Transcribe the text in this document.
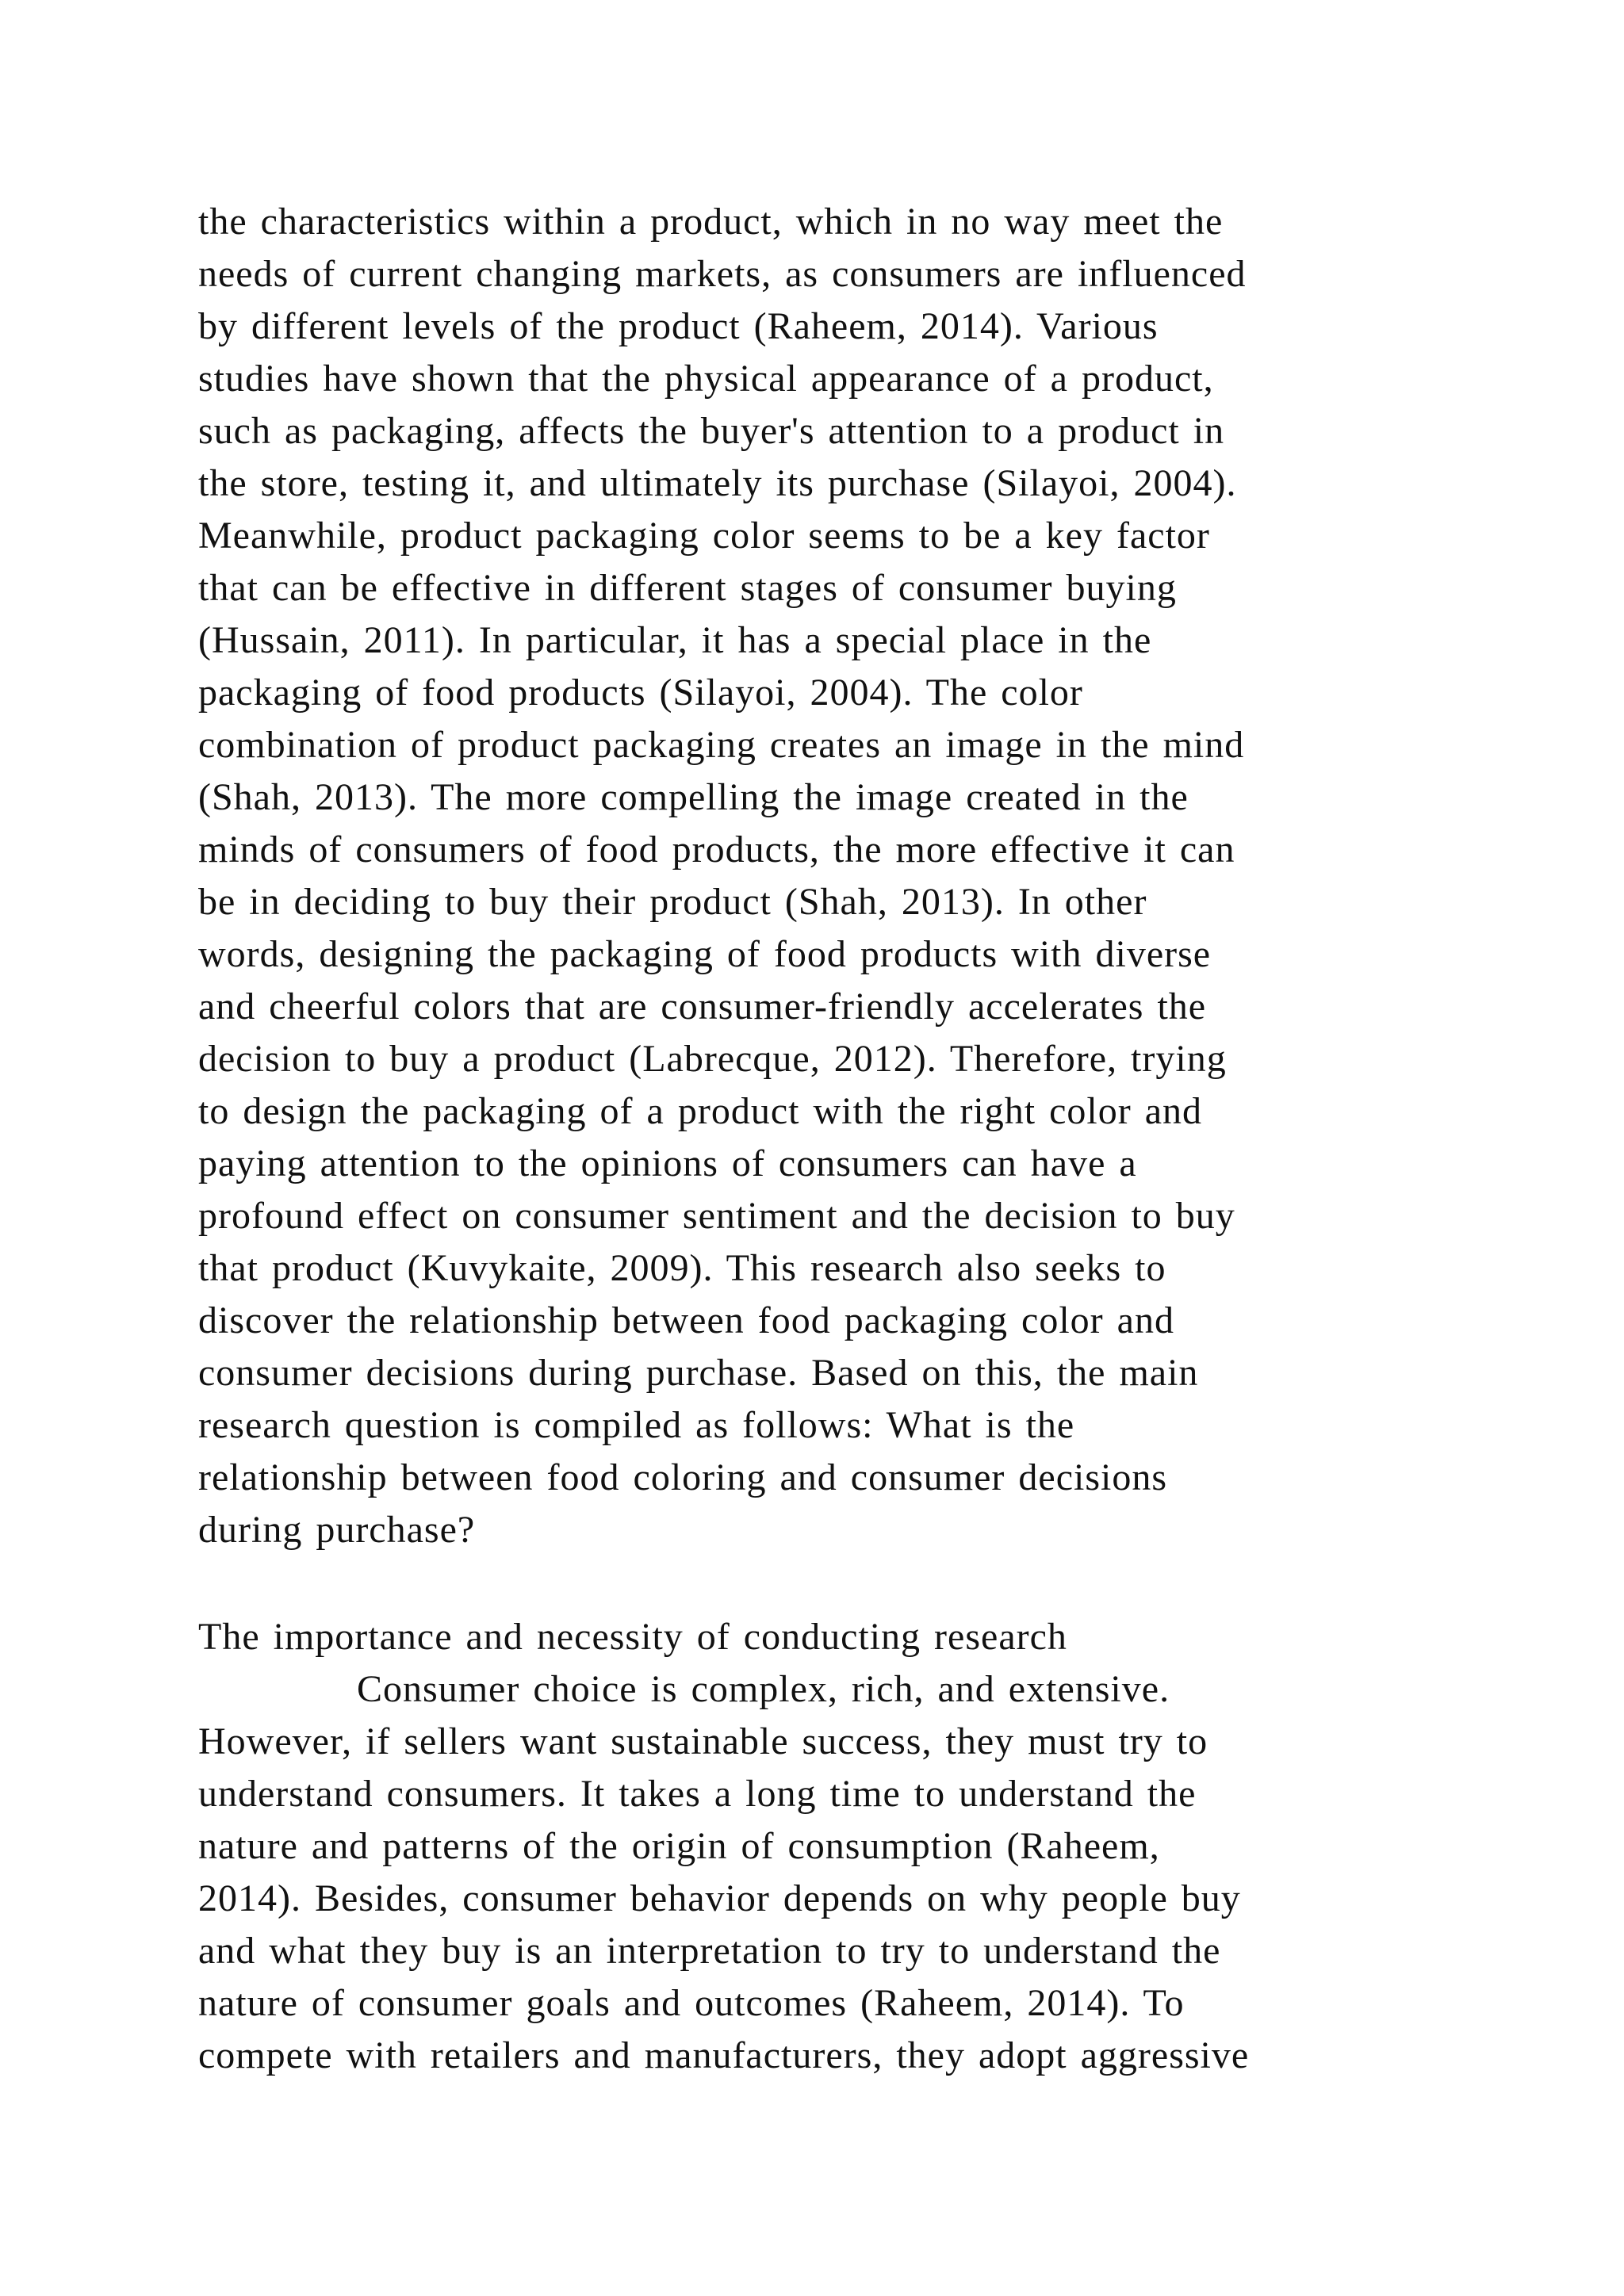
the characteristics within a product, which in no way meet the
needs of current changing markets, as consumers are influenced
by different levels of the product (Raheem, 2014). Various
studies have shown that the physical appearance of a product,
such as packaging, affects the buyer's attention to a product in
the store, testing it, and ultimately its purchase (Silayoi, 2004).
Meanwhile, product packaging color seems to be a key factor
that can be effective in different stages of consumer buying
(Hussain, 2011). In particular, it has a special place in the
packaging of food products (Silayoi, 2004). The color
combination of product packaging creates an image in the mind
(Shah, 2013). The more compelling the image created in the
minds of consumers of food products, the more effective it can
be in deciding to buy their product (Shah, 2013). In other
words, designing the packaging of food products with diverse
and cheerful colors that are consumer-friendly accelerates the
decision to buy a product (Labrecque, 2012). Therefore, trying
to design the packaging of a product with the right color and
paying attention to the opinions of consumers can have a
profound effect on consumer sentiment and the decision to buy
that product (Kuvykaite, 2009). This research also seeks to
discover the relationship between food packaging color and
consumer decisions during purchase. Based on this, the main
research question is compiled as follows: What is the
relationship between food coloring and consumer decisions
during purchase?
The importance and necessity of conducting research
Consumer choice is complex, rich, and extensive.
However, if sellers want sustainable success, they must try to
understand consumers. It takes a long time to understand the
nature and patterns of the origin of consumption (Raheem,
2014). Besides, consumer behavior depends on why people buy
and what they buy is an interpretation to try to understand the
nature of consumer goals and outcomes (Raheem, 2014). To
compete with retailers and manufacturers, they adopt aggressive
